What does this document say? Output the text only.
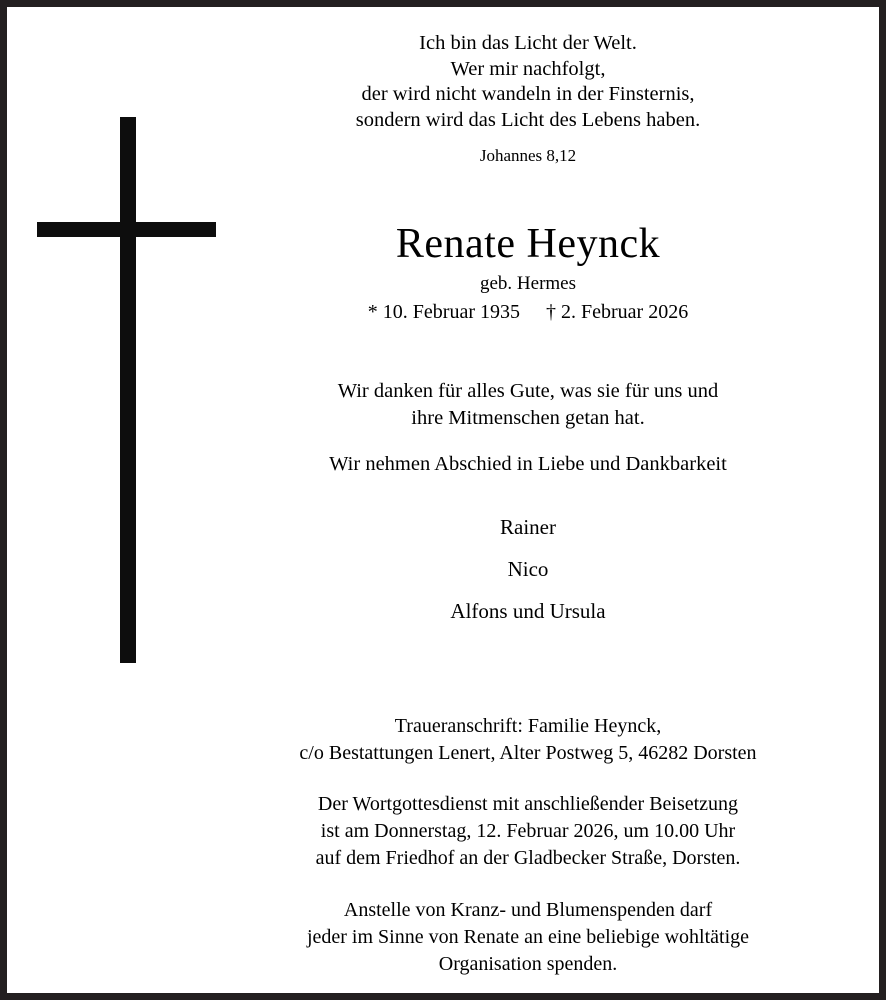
Ich bin das Licht der Welt.
Wer mir nachfolgt,
der wird nicht wandeln in der Finsternis,
sondern wird das Licht des Lebens haben.
Johannes 8,12
Renate Heynck
geb. Hermes
* 10. Februar 1935 † 2. Februar 2026
Wir danken für alles Gute, was sie für uns und
ihre Mitmenschen getan hat.
Wir nehmen Abschied in Liebe und Dankbarkeit
Rainer
Nico
Alfons und Ursula
Traueranschrift: Familie Heynck,
c/o Bestattungen Lenert, Alter Postweg 5, 46282 Dorsten
Der Wortgottesdienst mit anschließender Beisetzung
ist am Donnerstag, 12. Februar 2026, um 10.00 Uhr
auf dem Friedhof an der Gladbecker Straße, Dorsten.
Anstelle von Kranz- und Blumenspenden darf
jeder im Sinne von Renate an eine beliebige wohltätige
Organisation spenden.
